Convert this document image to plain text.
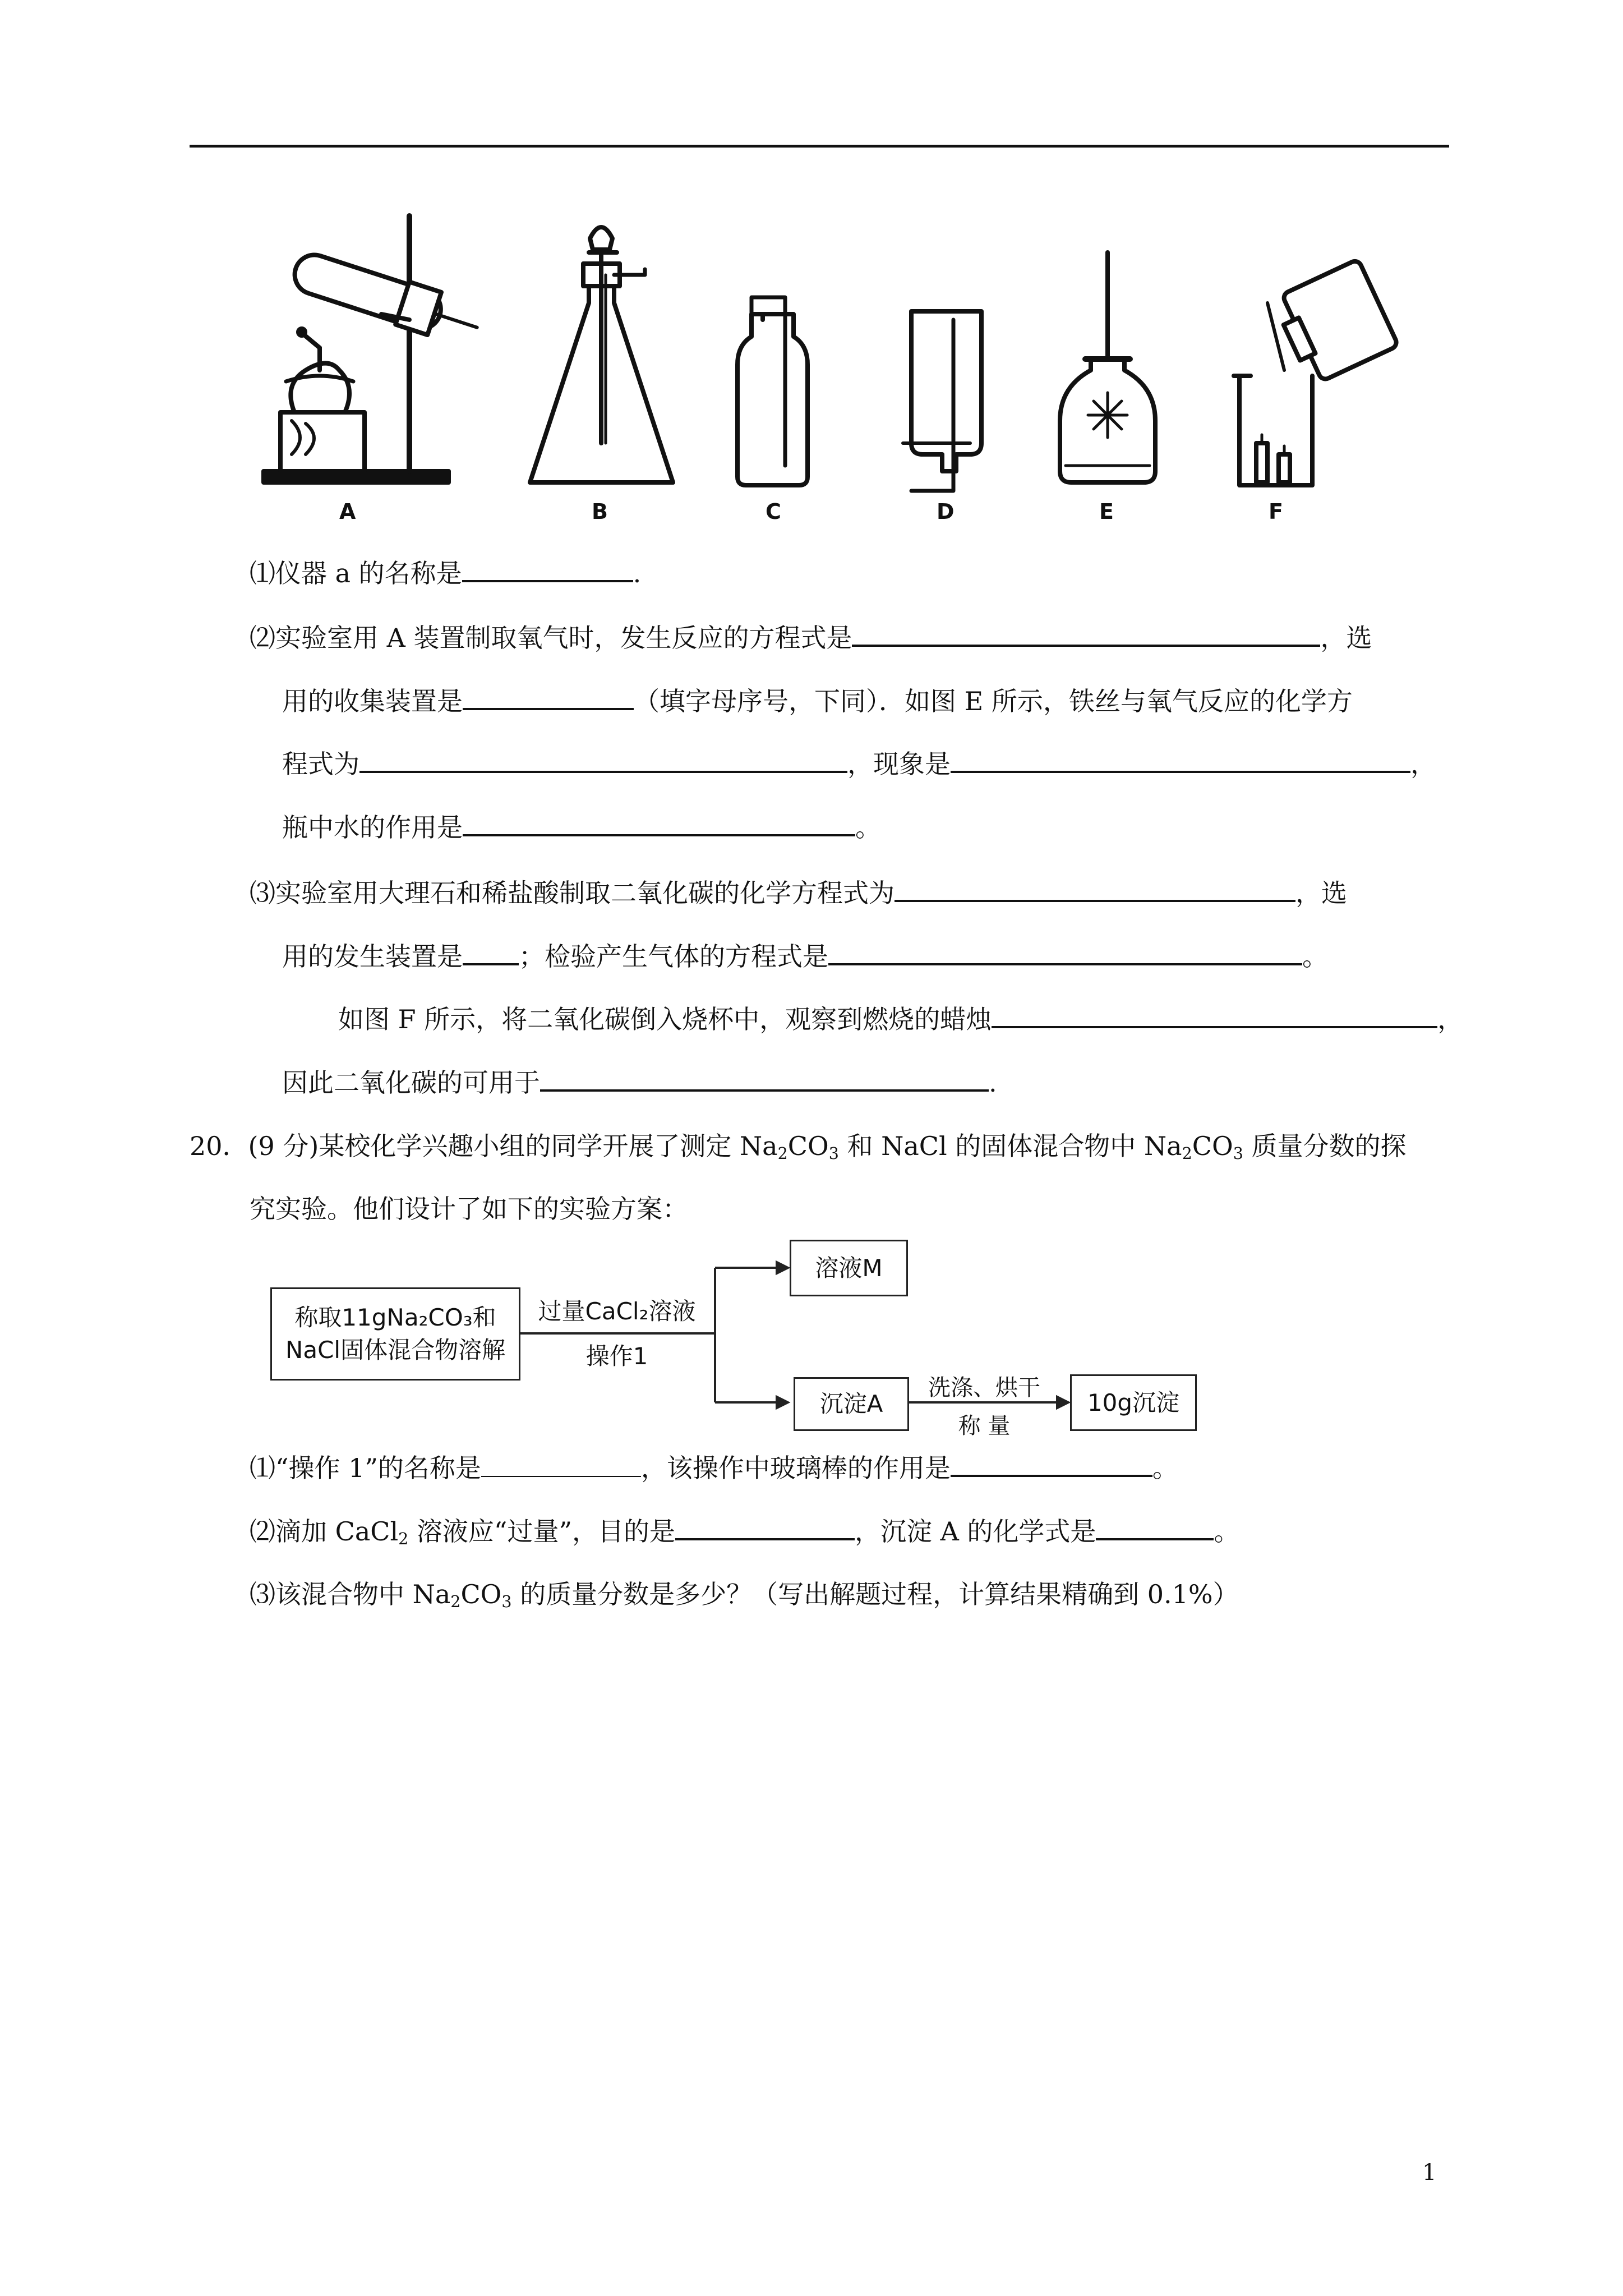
A	B	C	D	E	F
⑴仪器 a 的名称是	.
⑵实验室用 A 装置制取氧气时，发生反应的方程式是	，选
用的收集装置是	（填字母序号，下同）．如图 E 所示，铁丝与氧气反应的化学方
程式为	，现象是	，
瓶中水的作用是	。
⑶实验室用大理石和稀盐酸制取二氧化碳的化学方程式为	，选
用的发生装置是 ；检验产生气体的方程式是	。
如图 F 所示，将二氧化碳倒入烧杯中，观察到燃烧的蜡烛	，
因此二氧化碳的可用于	.
20．(9 分)某校化学兴趣小组的同学开展了测定 $Na_2CO_3$ 和 NaCl 的固体混合物中 $Na_2CO_3$ 质量分数的探
究实验。他们设计了如下的实验方案：
称取11gNa₂CO₃和
NaCl固体混合物溶解
过量CaCl₂溶液
操作1
溶液M
沉淀A
洗涤、烘干
称 量
10g沉淀
⑴“操作 1”的名称是	，该操作中玻璃棒的作用是	。
⑵滴加 CaCl$_2$ 溶液应“过量”，目的是	，沉淀 A 的化学式是	。
⑶该混合物中 $Na_2CO_3$ 的质量分数是多少？（写出解题过程，计算结果精确到 0.1%）
1
